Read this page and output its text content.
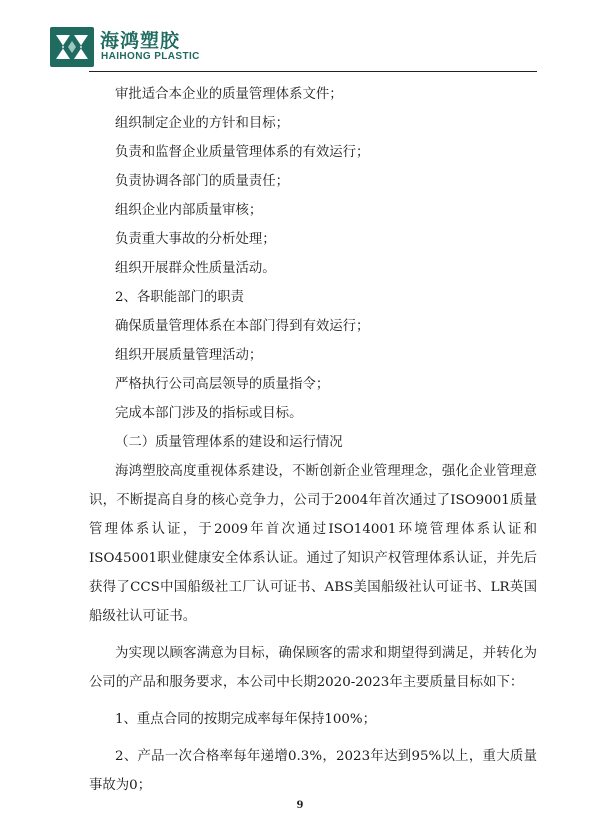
海鸿塑胶
HAIHONG PLASTIC

审批适合本企业的质量管理体系文件；

组织制定企业的方针和目标；

负责和监督企业质量管理体系的有效运行；

负责协调各部门的质量责任；

组织企业内部质量审核；

负责重大事故的分析处理；

组织开展群众性质量活动。

2、各职能部门的职责

确保质量管理体系在本部门得到有效运行；

组织开展质量管理活动；

严格执行公司高层领导的质量指令；

完成本部门涉及的指标或目标。

（二）质量管理体系的建设和运行情况

海鸿塑胶高度重视体系建设，不断创新企业管理理念，强化企业管理意识，不断提高自身的核心竞争力，公司于2004年首次通过了ISO9001质量管理体系认证，于2009年首次通过ISO14001环境管理体系认证和ISO45001职业健康安全体系认证。通过了知识产权管理体系认证，并先后获得了CCS中国船级社工厂认可证书、ABS美国船级社认可证书、LR英国船级社认可证书。

为实现以顾客满意为目标，确保顾客的需求和期望得到满足，并转化为公司的产品和服务要求，本公司中长期2020-2023年主要质量目标如下：

1、重点合同的按期完成率每年保持100%；

2、产品一次合格率每年递增0.3%，2023年达到95%以上，重大质量事故为0；

9
